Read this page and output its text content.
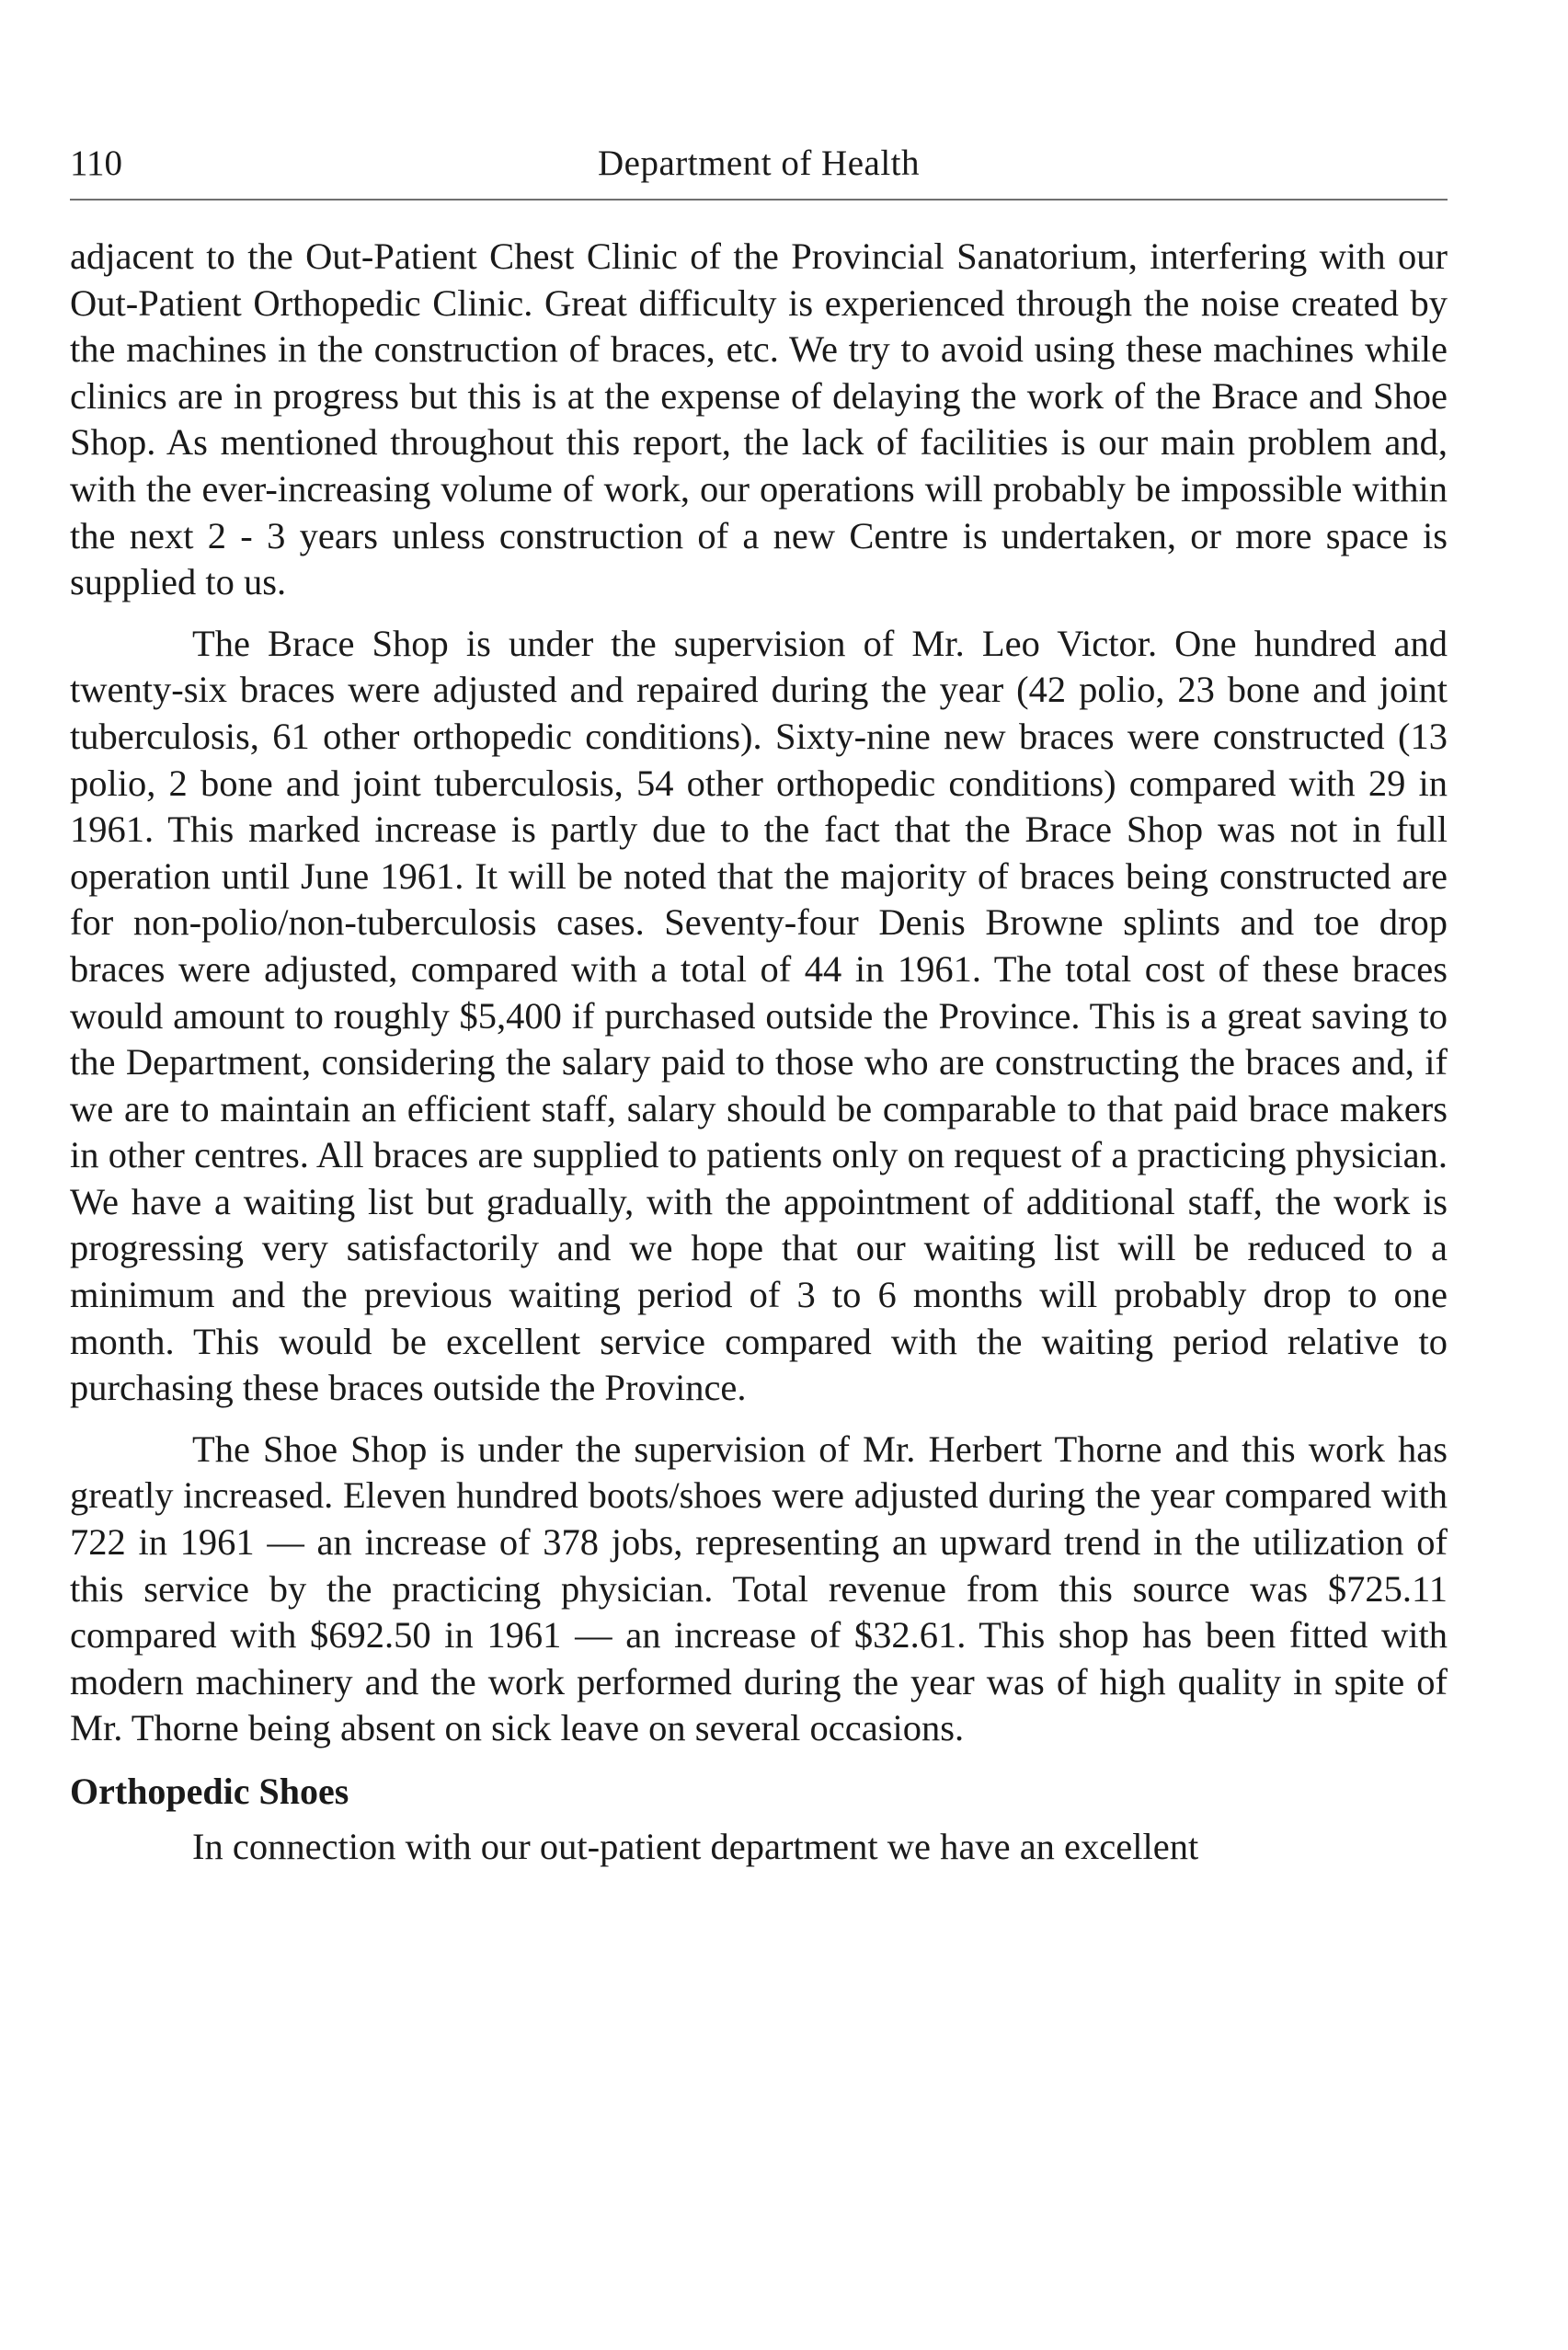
110	Department of Health

adjacent to the Out-Patient Chest Clinic of the Provincial Sanatorium, interfering with our Out-Patient Orthopedic Clinic. Great difficulty is experienced through the noise created by the machines in the construction of braces, etc. We try to avoid using these machines while clinics are in progress but this is at the expense of delaying the work of the Brace and Shoe Shop. As mentioned throughout this report, the lack of facilities is our main problem and, with the ever-increasing volume of work, our operations will probably be impossible within the next 2 - 3 years unless construction of a new Centre is undertaken, or more space is supplied to us.

The Brace Shop is under the supervision of Mr. Leo Victor. One hundred and twenty-six braces were adjusted and repaired during the year (42 polio, 23 bone and joint tuberculosis, 61 other orthopedic conditions). Sixty-nine new braces were constructed (13 polio, 2 bone and joint tuberculosis, 54 other orthopedic conditions) compared with 29 in 1961. This marked increase is partly due to the fact that the Brace Shop was not in full operation until June 1961. It will be noted that the majority of braces being constructed are for non-polio/non-tuberculosis cases. Seventy-four Denis Browne splints and toe drop braces were adjusted, compared with a total of 44 in 1961. The total cost of these braces would amount to roughly $5,400 if purchased outside the Province. This is a great saving to the Department, considering the salary paid to those who are constructing the braces and, if we are to maintain an efficient staff, salary should be comparable to that paid brace makers in other centres. All braces are supplied to patients only on request of a practicing physician. We have a waiting list but gradually, with the appointment of additional staff, the work is progressing very satisfactorily and we hope that our waiting list will be reduced to a minimum and the previous waiting period of 3 to 6 months will probably drop to one month. This would be excellent service compared with the waiting period relative to purchasing these braces outside the Province.

The Shoe Shop is under the supervision of Mr. Herbert Thorne and this work has greatly increased. Eleven hundred boots/shoes were adjusted during the year compared with 722 in 1961 — an increase of 378 jobs, representing an upward trend in the utilization of this service by the practicing physician. Total revenue from this source was $725.11 compared with $692.50 in 1961 — an increase of $32.61. This shop has been fitted with modern machinery and the work performed during the year was of high quality in spite of Mr. Thorne being absent on sick leave on several occasions.

Orthopedic Shoes

In connection with our out-patient department we have an excellent
